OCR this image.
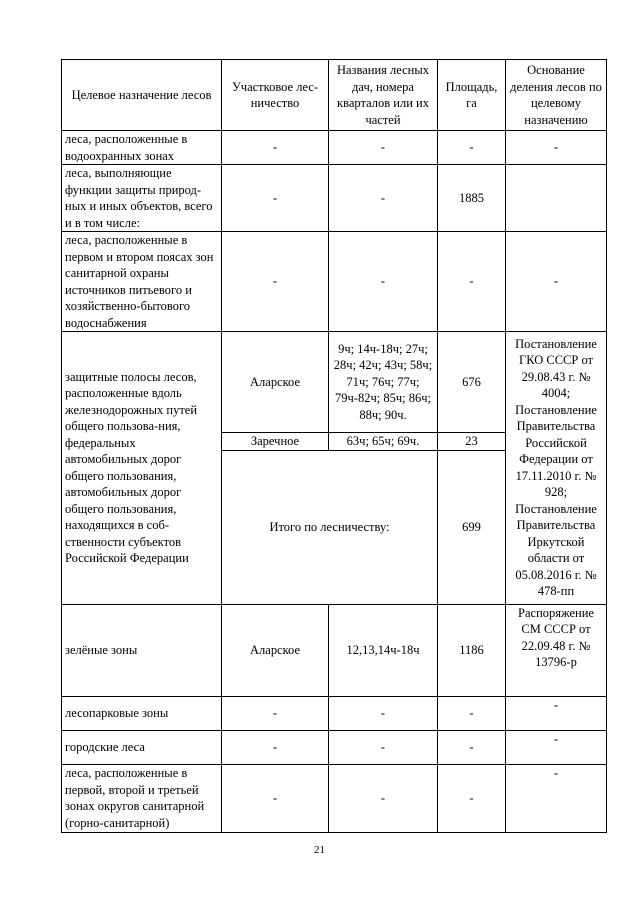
Целевое назначение лесов	Участковое лес-ничество	Названия лесных дач, номера кварталов или их частей	Площадь, га	Основание деления лесов по целевому назначению
леса, расположенные в водоохранных зонах	-	-	-	-
леса, выполняющие функции защиты природ-ных и иных объектов, всего и в том числе:	-	-	1885	
леса, расположенные в первом и втором поясах зон санитарной охраны источников питьевого и хозяйственно-бытового водоснабжения	-	-	-	-
защитные полосы лесов, расположенные вдоль железнодорожных путей общего пользова-ния, федеральных автомобильных дорог общего пользования, автомобильных дорог общего пользования, находящихся в соб-ственности субъектов Российской Федерации	Аларское	9ч; 14ч-18ч; 27ч; 28ч; 42ч; 43ч; 58ч; 71ч; 76ч; 77ч; 79ч-82ч; 85ч; 86ч; 88ч; 90ч.	676	Постановление ГКО СССР от 29.08.43 г. № 4004; Постановление Правительства Российской Федерации от 17.11.2010 г. № 928; Постановление Правительства Иркутской области от 05.08.2016 г. № 478-пп
	Заречное	63ч; 65ч; 69ч.	23	
	Итого по лесничеству:		699	
зелёные зоны	Аларское	12,13,14ч-18ч	1186	Распоряжение СМ СССР от 22.09.48 г. № 13796-р
лесопарковые зоны	-	-	-	-
городские леса	-	-	-	-
леса, расположенные в первой, второй и третьей зонах округов санитарной (горно-санитарной)	-	-	-	-
21
